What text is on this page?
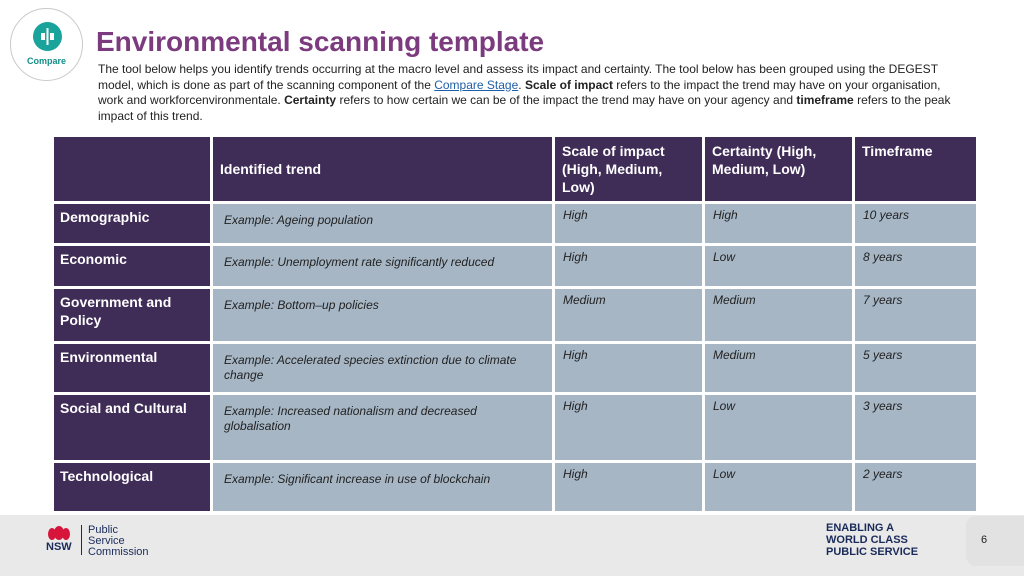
Compare
Environmental scanning template
The tool below helps you identify trends occurring at the macro level and assess its impact and certainty. The tool below has been grouped using the DEGEST model, which is done as part of the scanning component of the Compare Stage. Scale of impact refers to the impact the trend may have on your organisation, work and workforcenvironmentale. Certainty refers to how certain we can be of the impact the trend may have on your agency and timeframe refers to the peak impact of this trend.
	Identified trend	Scale of impact (High, Medium, Low)	Certainty (High, Medium, Low)	Timeframe
Demographic	Example: Ageing population	High	High	10 years
Economic	Example: Unemployment rate significantly reduced	High	Low	8 years
Government and Policy	Example: Bottom–up policies	Medium	Medium	7 years
Environmental	Example: Accelerated species extinction due to climate change	High	Medium	5 years
Social and Cultural	Example: Increased nationalism and decreased globalisation	High	Low	3 years
Technological	Example: Significant increase in use of blockchain	High	Low	2 years
NSW
Public
Service
Commission
ENABLING A
WORLD CLASS
PUBLIC SERVICE
6
